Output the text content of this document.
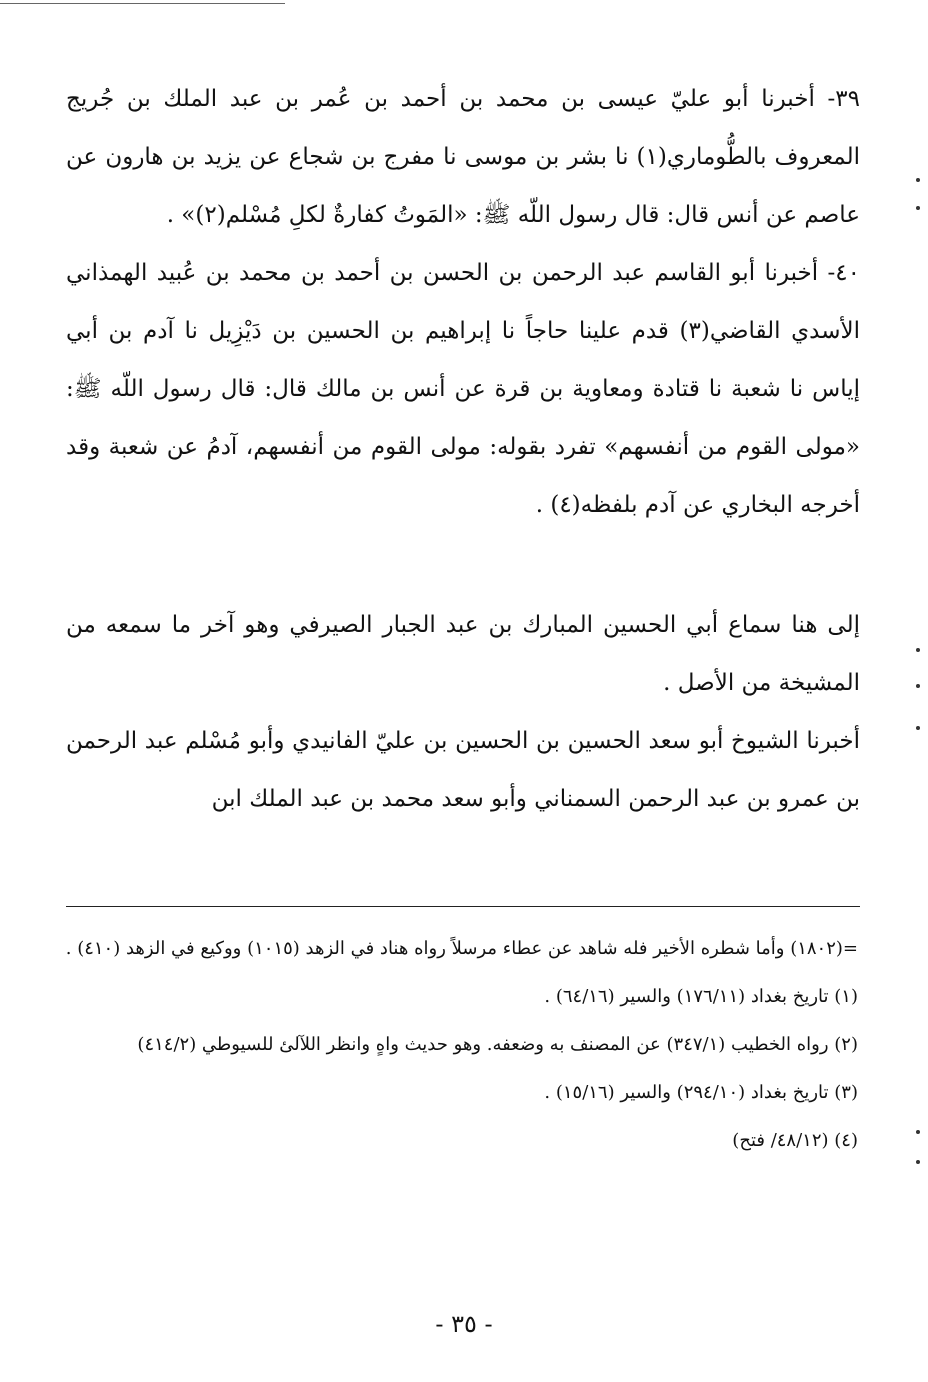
٣٩- أخبرنا أبو عليّ عيسى بن محمد بن أحمد بن عُمر بن عبد الملك بن جُريج المعروف بالطُّوماري(١) نا بشر بن موسى نا مفرج بن شجاع عن يزيد بن هارون عن عاصم عن أنس قال: قال رسول اللّه ﷺ: «المَوتُ كفارةٌ لكلِ مُسْلم(٢)» .

٤٠- أخبرنا أبو القاسم عبد الرحمن بن الحسن بن أحمد بن محمد بن عُبيد الهمذاني الأسدي القاضي(٣) قدم علينا حاجاً نا إبراهيم بن الحسين بن دَيْزِيل نا آدم بن أبي إياس نا شعبة نا قتادة ومعاوية بن قرة عن أنس بن مالك قال: قال رسول اللّه ﷺ: «مولى القوم من أنفسهم» تفرد بقوله: مولى القوم من أنفسهم، آدمُ عن شعبة وقد أخرجه البخاري عن آدم بلفظه(٤) .

إلى هنا سماع أبي الحسين المبارك بن عبد الجبار الصيرفي وهو آخر ما سمعه من المشيخة من الأصل .

أخبرنا الشيوخ أبو سعد الحسين بن الحسين بن عليّ الفانيدي وأبو مُسْلم عبد الرحمن بن عمرو بن عبد الرحمن السمناني وأبو سعد محمد بن عبد الملك ابن

=(١٨٠٢) وأما شطره الأخير فله شاهد عن عطاء مرسلاً رواه هناد في الزهد (١٠١٥) ووكيع في الزهد (٤١٠) .

(١) تاريخ بغداد (١٧٦/١١) والسير (٦٤/١٦) .

(٢) رواه الخطيب (٣٤٧/١) عن المصنف به وضعفه. وهو حديث واهٍ وانظر اللآلئ للسيوطي (٤١٤/٢)

(٣) تاريخ بغداد (٢٩٤/١٠) والسير (١٥/١٦) .

(٤) (٤٨/١٢/ فتح)

- ٣٥ -
